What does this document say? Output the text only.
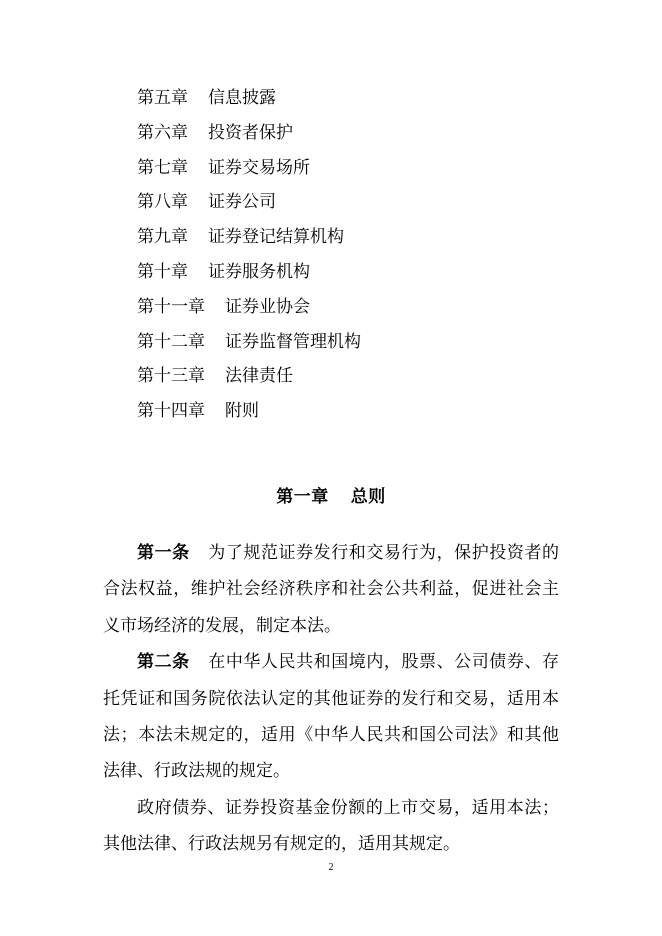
第五章 信息披露
第六章 投资者保护
第七章 证券交易场所
第八章 证券公司
第九章 证券登记结算机构
第十章 证券服务机构
第十一章 证券业协会
第十二章 证券监督管理机构
第十三章 法律责任
第十四章 附则
第一章 总则

第一条 为了规范证券发行和交易行为，保护投资者的合法权益，维护社会经济秩序和社会公共利益，促进社会主义市场经济的发展，制定本法。

第二条 在中华人民共和国境内，股票、公司债券、存托凭证和国务院依法认定的其他证券的发行和交易，适用本法；本法未规定的，适用《中华人民共和国公司法》和其他法律、行政法规的规定。

政府债券、证券投资基金份额的上市交易，适用本法；其他法律、行政法规另有规定的，适用其规定。

2
